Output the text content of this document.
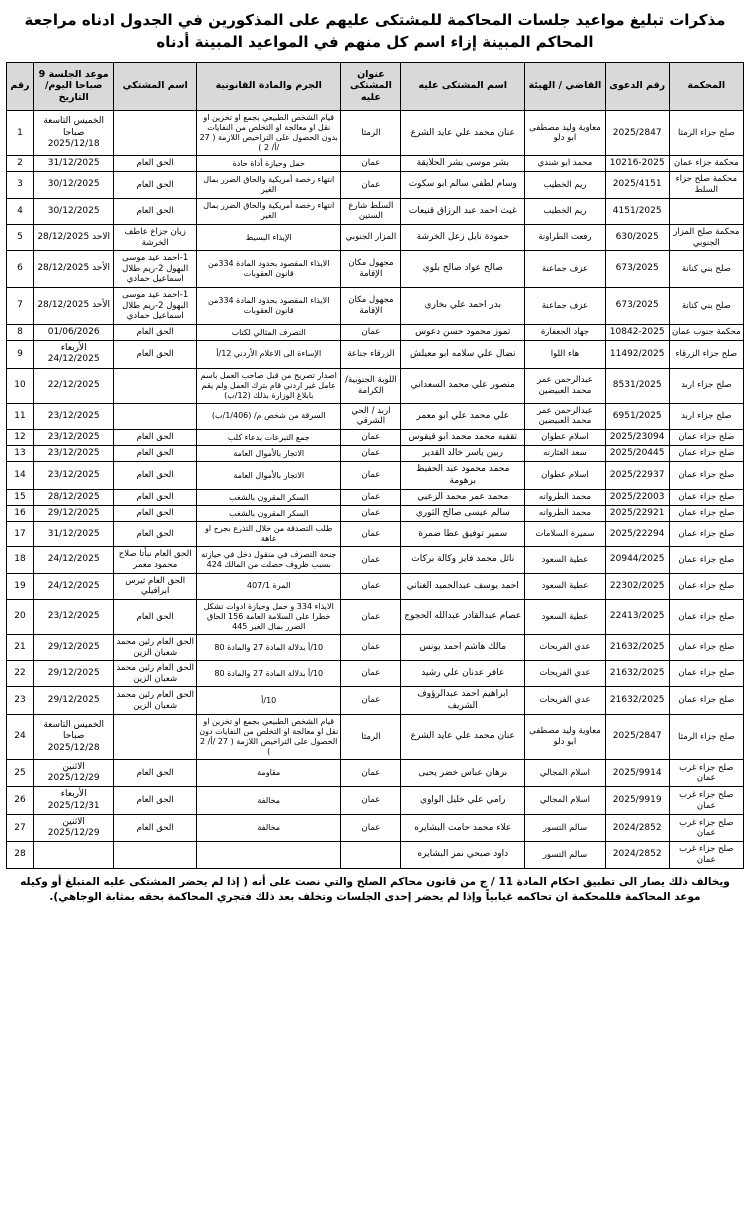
مذكرات تبليغ مواعيد جلسات المحاكمة للمشتكى عليهم على المذكورين في الجدول ادناه مراجعة المحاكم المبينة إزاء اسم كل منهم في المواعيد المبينة أدناه
المحكمة	رقم الدعوى	القاضي / الهيئة	اسم المشتكى عليه	عنوان المشتكى عليه	الجرم والمادة القانونية	اسم المشتكي	موعد الجلسة 9 صباحا اليوم/التاريخ	رقم
صلح جزاء الرمثا	2025/2847	معاوية وليد مصطفى ابو دلو	عنان محمد علي عايد الشرع	الرمثا	قيام الشخص الطبيعي بجمع او تخزين او نقل او معالجة او التخلص من النفايات بدون الحصول على التراخيص اللازمة ( 27 /أ/ 2 )		الخميس التاسعة صباحا 2025/12/18	1
محكمة جزاء عمان	10216-2025	محمد ابو شندي	بشر موسى بشر الحلايقة	عمان	حمل وحيازة أداة حادة	الحق العام	31/12/2025	2
محكمة صلح جزاء السلط	2025/4151	ريم الخطيب	وسام لطفي سالم ابو سكوت	عمان	انتهاء رخصة أمريكية والحاق الضرر بمال الغير	الحق العام	30/12/2025	3
	4151/2025	ريم الخطيب	غيث احمد عبد الرزاق قنيعات	السلط شارع الستين	انتهاء رخصة أمريكية والحاق الضرر بمال الغير	الحق العام	30/12/2025	4
محكمة صلح المزار الجنوبي	630/2025	رفعت الطراونة	حمودة نايل زعل الخرشة	المزار الجنوبي	الإيذاء البسيط	زيان جزاع عاطف الخرشة	الاحد 28/12/2025	5
صلح بني كنانة	673/2025	عزف جماعنة	صالح عواد صالح بلوي	مجهول مكان الإقامة	الايذاء المقصود بحدود المادة 334من قانون العقوبات	1-احمد عيد موسى البهول 2-ريم طلال اسماعيل حمادي	الأحد 28/12/2025	6
صلح بني كنانة	673/2025	عزف جماعنة	بدر احمد علي بخاري	مجهول مكان الإقامة	الايذاء المقصود بحدود المادة 334من قانون العقوبات	1-احمد عيد موسى البهول 2-ريم طلال اسماعيل حمادي	الأحد 28/12/2025	7
محكمة جنوب عمان	10842-2025	جهاد الجعفارة	تموز محمود حسن دعوس	عمان	التصرف المثالي لكتاب	الحق العام	01/06/2026	8
صلح جزاء الزرقاء	11492/2025	هاء اللوا	نضال علي سلامه ابو معيلش	الزرقاء جناعة	الإساءة الى الاعلام الأردني 12/أ	الحق العام	الأربعاء 24/12/2025	9
صلح جزاء اربد	8531/2025	عبدالرحمن عمر محمد العبيضين	منصور علي محمد السعداني	اللوبة الجنوبية/ الكرامة	اصدار تصريح من قبل صاحب العمل باسم عامل غير اردني قام بترك العمل ولم يقم بابلاغ الوزارة بذلك (12/ب)		22/12/2025	10
صلح جزاء اربد	6951/2025	عبدالرحمن عمر محمد العبيضين	علي محمد علي ابو معمر	اربد / الحي الشرقي	السرقة من شخص م/ (1/406/ب)		23/12/2025	11
صلح جزاء عمان	2025/23094	اسلام عطوان	تقفيه محمد محمد ابو قيقوس	عمان	جمع التبرعات بدعاء كلب	الحق العام	23/12/2025	12
صلح جزاء عمان	2025/20445	سعد العثارنه	ربين ياسر خالد القدير	عمان	الاتجار بالأموال العامة	الحق العام	23/12/2025	13
صلح جزاء عمان	2025/22937	اسلام عطوان	محمد محمود عبد الحفيظ برهومة	عمان	الاتجار بالأموال العامة	الحق العام	23/12/2025	14
صلح جزاء عمان	2025/22003	محمد الطروانه	محمد عمر محمد الزعبي	عمان	السكر المقرون بالشغب	الحق العام	28/12/2025	15
صلح جزاء عمان	2025/22921	محمد الطروانه	سالم عيسى صالح الثوري	عمان	السكر المقرون بالشغب	الحق العام	29/12/2025	16
صلح جزاء عمان	2025/22294	سميرة السلامات	سمير توفيق عطا ضمرة	عمان	طلب التصدقة من خلال التذرع بجرح او عاهة	الحق العام	31/12/2025	17
صلح جزاء عمان	20944/2025	عطية السعود	نائل محمد فايز وكالة بركات	عمان	جنحة التصرف في منقول دخل في حيازته بسبب ظروف حصلت من المالك 424	الحق العام نبأتا صلاح محمود معمر	24/12/2025	18
صلح جزاء عمان	22302/2025	عطية السعود	احمد يوسف عبدالحميد الغناني	عمان	المرة 407/1	الحق العام ثيرس ابرافيلي	24/12/2025	19
صلح جزاء عمان	22413/2025	عطية السعود	عصام عبدالقادر عبدالله الحجوج	عمان	الايذاء 334 و حمل وحيازة ادوات تشكل خطرا على السلامة العامة 156 الحاق الضرر بمال الغير 445	الحق العام	23/12/2025	20
صلح جزاء عمان	21632/2025	عدي الفريحات	مالك هاشم احمد يونس	عمان	10/أ بدلالة المادة 27 والمادة 80	الحق العام رئين محمد شعبان الزين	29/12/2025	21
صلح جزاء عمان	21632/2025	عدي الفريحات	عافر عدنان علي رشيد	عمان	10/أ بدلالة المادة 27 والمادة 80	الحق العام رئين محمد شعبان الزين	29/12/2025	22
صلح جزاء عمان	21632/2025	عدي الفريحات	ابراهيم احمد عبدالرؤوف الشريف	عمان	10/أ	الحق العام رئين محمد شعبان الزين	29/12/2025	23
صلح جزاء الرمثا	2025/2847	معاوية وليد مصطفى ابو دلو	عنان محمد علي عايد الشرع	الرمثا	قيام الشخص الطبيعي بجمع او تخزين او نقل او معالجة او التخلص من النفايات دون الحصول على التراخيص اللازمة ( 27 /أ/ 2 )		الخميس التاسعة صباحا 2025/12/28	24
صلح جزاء غرب عمان	2025/9914	اسلام المجالي	برهان عباس خضر يحيى	عمان	مقاومة	الحق العام	الاثنين 2025/12/29	25
صلح جزاء غرب عمان	2025/9919	اسلام المجالي	رامي علي خليل الواوي	عمان	مخالفة	الحق العام	الأربعاء 2025/12/31	26
صلح جزاء غرب عمان	2024/2852	سالم التسور	علاء محمد حامت البشايره	عمان	مخالفة	الحق العام	الاثنين 2025/12/29	27
صلح جزاء غرب عمان	2024/2852	سالم التسور	داود صبحي نمر البشايره					28
ويخالف ذلك يصار الى تطبيق احكام المادة 11 / ج من قانون محاكم الصلح والتي نصت على أنه ( إذا لم يحضر المشتكى عليه المتبلغ أو وكيله
موعد المحاكمة فللمحكمة ان تحاكمه غيابياً وإذا لم يحضر إحدى الجلسات وتخلف بعد ذلك فتجري المحاكمة بحقه بمثابة الوجاهي).
